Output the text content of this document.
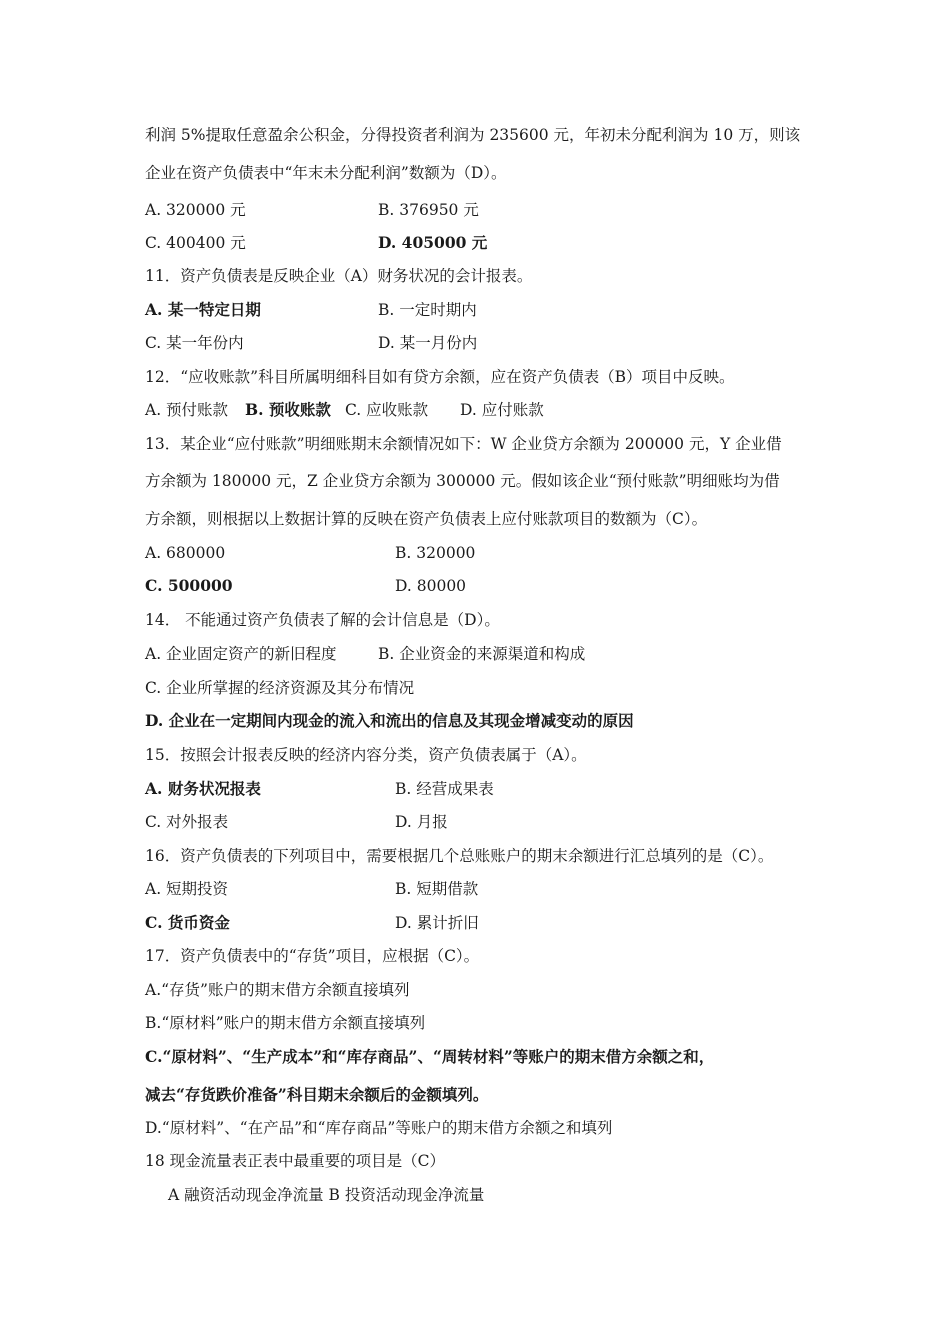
利润 5%提取任意盈余公积金，分得投资者利润为 235600 元，年初未分配利润为 10 万，则该
企业在资产负债表中“年末未分配利润”数额为（D）。
A. 320000 元	B. 376950 元
C. 400400 元	D. 405000 元
11．资产负债表是反映企业（A）财务状况的会计报表。
A. 某一特定日期	B. 一定时期内
C. 某一年份内	D. 某一月份内
12．“应收账款”科目所属明细科目如有贷方余额，应在资产负债表（B）项目中反映。
A. 预付账款 B. 预收账款 C. 应收账款 D. 应付账款
13．某企业“应付账款”明细账期末余额情况如下：W 企业贷方余额为 200000 元，Y 企业借
方余额为 180000 元，Z 企业贷方余额为 300000 元。假如该企业“预付账款”明细账均为借
方余额，则根据以上数据计算的反映在资产负债表上应付账款项目的数额为（C）。
A. 680000	B. 320000
C. 500000	D. 80000
14． 不能通过资产负债表了解的会计信息是（D）。
A. 企业固定资产的新旧程度	B. 企业资金的来源渠道和构成
C. 企业所掌握的经济资源及其分布情况
D. 企业在一定期间内现金的流入和流出的信息及其现金增减变动的原因
15．按照会计报表反映的经济内容分类，资产负债表属于（A）。
A. 财务状况报表	B. 经营成果表
C. 对外报表	D. 月报
16．资产负债表的下列项目中，需要根据几个总账账户的期末余额进行汇总填列的是（C）。
A. 短期投资	B. 短期借款
C. 货币资金	D. 累计折旧
17．资产负债表中的“存货”项目，应根据（C）。
A.“存货”账户的期末借方余额直接填列
B.“原材料”账户的期末借方余额直接填列
C.“原材料”、“生产成本”和“库存商品”、“周转材料”等账户的期末借方余额之和，
减去“存货跌价准备”科目期末余额后的金额填列。
D.“原材料”、“在产品”和“库存商品”等账户的期末借方余额之和填列
18 现金流量表正表中最重要的项目是（C）
A 融资活动现金净流量 B 投资活动现金净流量
